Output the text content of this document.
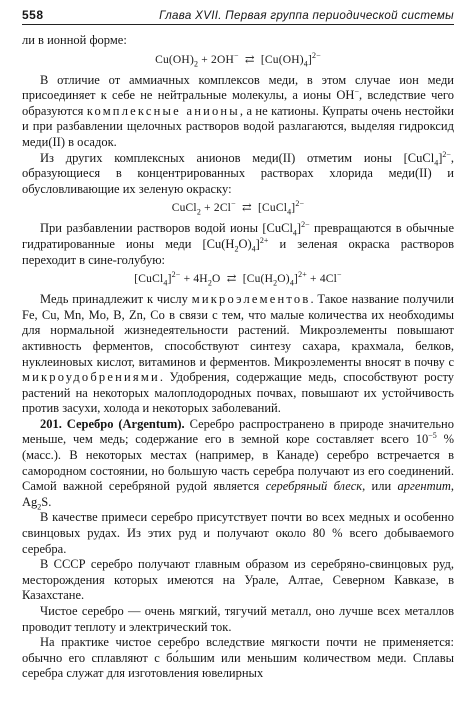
558	Глава XVII. Первая группа периодической системы

ли в ионной форме:

$Cu(OH)_2 + 2OH^-$ ⇄ $[Cu(OH)_4]^{2-}$

В отличие от аммиачных комплексов меди, в этом случае ион меди присоединяет к себе не нейтральные молекулы, а ионы OH−, вследствие чего образуются комплексные анионы, а не катионы. Купраты очень нестойки и при разбавлении щелочных растворов водой разлагаются, выделяя гидроксид меди(II) в осадок.

Из других комплексных анионов меди(II) отметим ионы [CuCl$_4$]$^{2-}$, образующиеся в концентрированных растворах хлорида меди(II) и обусловливающие их зеленую окраску:

CuCl$_2$ + 2Cl− ⇄ [CuCl$_4$]$^{2-}$

При разбавлении растворов водой ионы [CuCl$_4$]$^{2-}$ превращаются в обычные гидратированные ионы меди $[Cu(H_2O)_4]^{2+}$ и зеленая окраска растворов переходит в сине-голубую:

[CuCl$_4$]$^{2-}$ + $4H_2O$ ⇄ $[Cu(H_2O)_4]^{2+} + 4Cl^-$

Медь принадлежит к числу микроэлементов. Такое название получили Fe, Cu, Mn, Mo, B, Zn, Co в связи с тем, что малые количества их необходимы для нормальной жизнедеятельности растений. Микроэлементы повышают активность ферментов, способствуют синтезу сахара, крахмала, белков, нуклеиновых кислот, витаминов и ферментов. Микроэлементы вносят в почву с микроудобрениями. Удобрения, содержащие медь, способствуют росту растений на некоторых малоплодородных почвах, повышают их устойчивость против засухи, холода и некоторых заболеваний.

201. Серебро (Argentum). Серебро распространено в природе значительно меньше, чем медь; содержание его в земной коре составляет всего $10^{-5}$ % (масс.). В некоторых местах (например, в Канаде) серебро встречается в самородном состоянии, но большую часть серебра получают из его соединений. Самой важной серебряной рудой является серебряный блеск, или аргентит, $Ag_2S$.

В качестве примеси серебро присутствует почти во всех медных и особенно свинцовых рудах. Из этих руд и получают около 80 % всего добываемого серебра.

В СССР серебро получают главным образом из серебряно-свинцовых руд, месторождения которых имеются на Урале, Алтае, Северном Кавказе, в Казахстане.

Чистое серебро — очень мягкий, тягучий металл, оно лучше всех металлов проводит теплоту и электрический ток.

На практике чистое серебро вследствие мягкости почти не применяется: обычно его сплавляют с бо́льшим или меньшим количеством меди. Сплавы серебра служат для изготовления ювелирных
